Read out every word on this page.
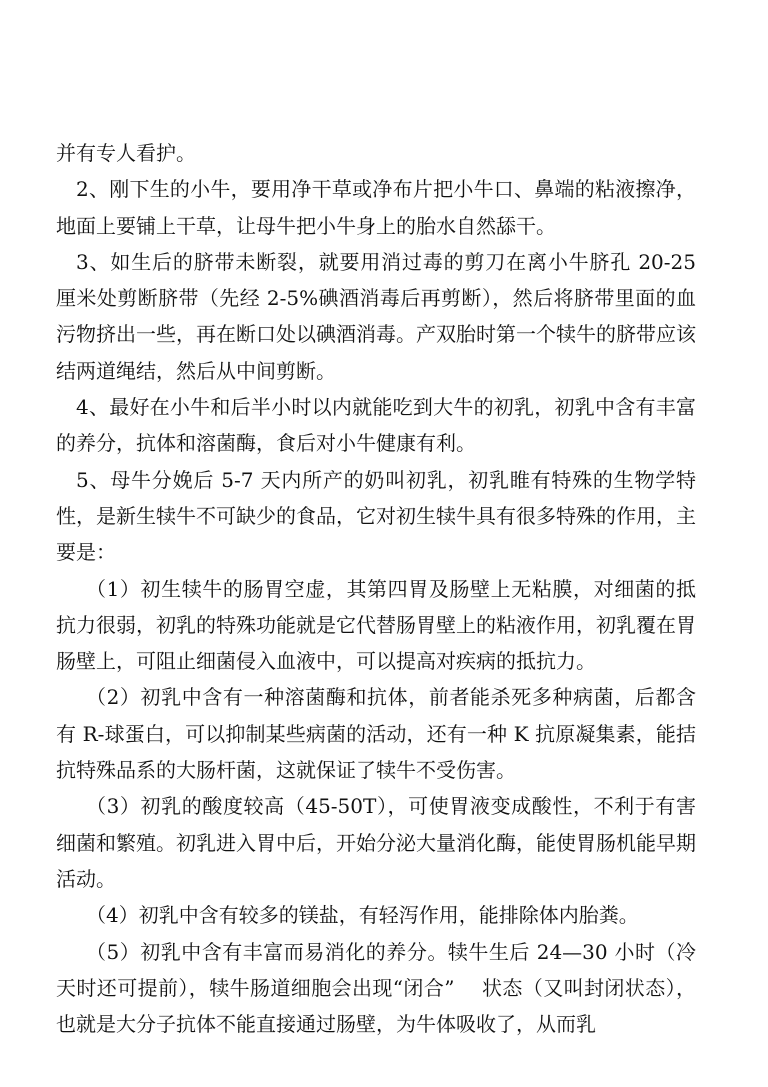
并有专人看护。

2、刚下生的小牛，要用净干草或净布片把小牛口、鼻端的粘液擦净，地面上要铺上干草，让母牛把小牛身上的胎水自然舔干。

3、如生后的脐带未断裂，就要用消过毒的剪刀在离小牛脐孔 20-25 厘米处剪断脐带（先经 2-5%碘酒消毒后再剪断），然后将脐带里面的血污物挤出一些，再在断口处以碘酒消毒。产双胎时第一个犊牛的脐带应该结两道绳结，然后从中间剪断。

4、最好在小牛和后半小时以内就能吃到大牛的初乳，初乳中含有丰富的养分，抗体和溶菌酶，食后对小牛健康有利。

5、母牛分娩后 5-7 天内所产的奶叫初乳，初乳睢有特殊的生物学特性，是新生犊牛不可缺少的食品，它对初生犊牛具有很多特殊的作用，主要是：

（1）初生犊牛的肠胃空虚，其第四胃及肠壁上无粘膜，对细菌的抵抗力很弱，初乳的特殊功能就是它代替肠胃壁上的粘液作用，初乳覆在胃肠壁上，可阻止细菌侵入血液中，可以提高对疾病的抵抗力。

（2）初乳中含有一种溶菌酶和抗体，前者能杀死多种病菌，后都含有 R-球蛋白，可以抑制某些病菌的活动，还有一种 K 抗原凝集素，能拮抗特殊品系的大肠杆菌，这就保证了犊牛不受伤害。

（3）初乳的酸度较高（45-50T），可使胃液变成酸性，不利于有害细菌和繁殖。初乳进入胃中后，开始分泌大量消化酶，能使胃肠机能早期活动。

（4）初乳中含有较多的镁盐，有轻泻作用，能排除体内胎粪。

（5）初乳中含有丰富而易消化的养分。犊牛生后 24—30 小时（冷天时还可提前），犊牛肠道细胞会出现“闭合”　 状态（又叫封闭状态），也就是大分子抗体不能直接通过肠壁，为牛体吸收了，从而乳
